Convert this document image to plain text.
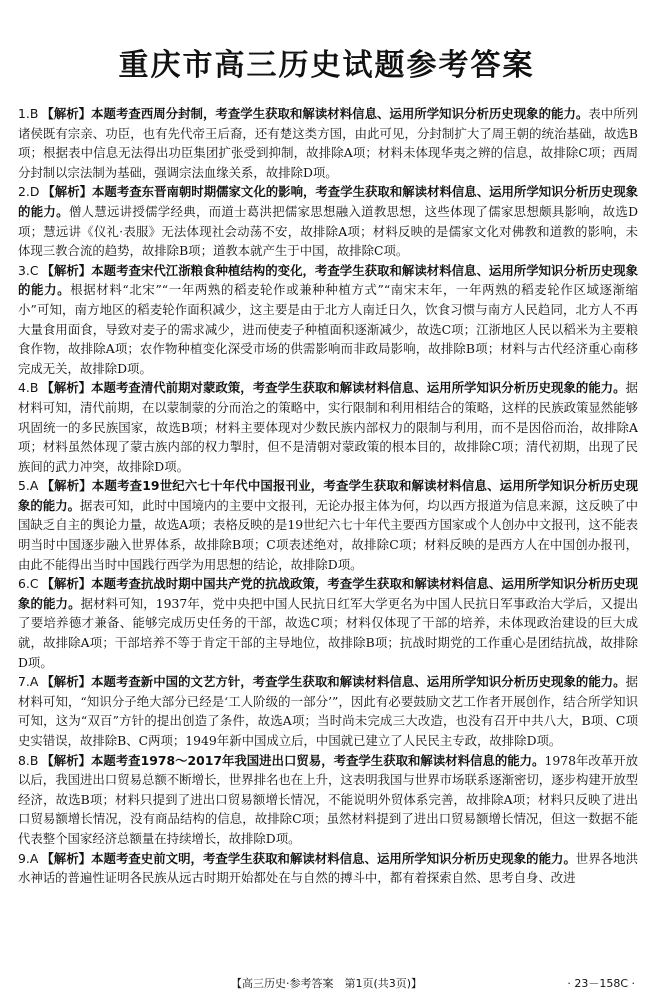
重庆市高三历史试题参考答案

1.B 【解析】本题考查西周分封制，考查学生获取和解读材料信息、运用所学知识分析历史现象的能力。表中所列诸侯既有宗亲、功臣，也有先代帝王后裔，还有楚这类方国，由此可见，分封制扩大了周王朝的统治基础，故选B项；根据表中信息无法得出功臣集团扩张受到抑制，故排除A项；材料未体现华夷之辨的信息，故排除C项；西周分封制以宗法制为基础，强调宗法血缘关系，故排除D项。

2.D 【解析】本题考查东晋南朝时期儒家文化的影响，考查学生获取和解读材料信息、运用所学知识分析历史现象的能力。僧人慧远讲授儒学经典，而道士葛洪把儒家思想融入道教思想，这些体现了儒家思想颇具影响，故选D项；慧远讲《仪礼·表服》无法体现社会动荡不安，故排除A项；材料反映的是儒家文化对佛教和道教的影响，未体现三教合流的趋势，故排除B项；道教本就产生于中国，故排除C项。

3.C 【解析】本题考查宋代江浙粮食种植结构的变化，考查学生获取和解读材料信息、运用所学知识分析历史现象的能力。根据材料“北宋”“一年两熟的稻麦轮作或兼种种植方式”“南宋末年，一年两熟的稻麦轮作区域逐渐缩小”可知，南方地区的稻麦轮作面积减少，这主要是由于北方人南迁日久，饮食习惯与南方人民趋同，北方人不再大量食用面食，导致对麦子的需求减少，进而使麦子种植面积逐渐减少，故选C项；江浙地区人民以稻米为主要粮食作物，故排除A项；农作物种植变化深受市场的供需影响而非政局影响，故排除B项；材料与古代经济重心南移完成无关，故排除D项。

4.B 【解析】本题考查清代前期对蒙政策，考查学生获取和解读材料信息、运用所学知识分析历史现象的能力。据材料可知，清代前期，在以蒙制蒙的分而治之的策略中，实行限制和利用相结合的策略，这样的民族政策显然能够巩固统一的多民族国家，故选B项；材料主要体现对少数民族内部权力的限制与利用，而不是因俗而治，故排除A项；材料虽然体现了蒙古族内部的权力掣肘，但不是清朝对蒙政策的根本目的，故排除C项；清代初期，出现了民族间的武力冲突，故排除D项。

5.A 【解析】本题考查19世纪六七十年代中国报刊业，考查学生获取和解读材料信息、运用所学知识分析历史现象的能力。据表可知，此时中国境内的主要中文报刊，无论办报主体为何，均以西方报道为信息来源，这反映了中国缺乏自主的舆论力量，故选A项；表格反映的是19世纪六七十年代主要西方国家或个人创办中文报刊，这不能表明当时中国逐步融入世界体系，故排除B项；C项表述绝对，故排除C项；材料反映的是西方人在中国创办报刊，由此不能得出当时中国践行西学为用思想的结论，故排除D项。

6.C 【解析】本题考查抗战时期中国共产党的抗战政策，考查学生获取和解读材料信息、运用所学知识分析历史现象的能力。据材料可知，1937年，党中央把中国人民抗日红军大学更名为中国人民抗日军事政治大学后，又提出了要培养德才兼备、能够完成历史任务的干部，故选C项；材料仅体现了干部的培养，未体现政治建设的巨大成就，故排除A项；干部培养不等于肯定干部的主导地位，故排除B项；抗战时期党的工作重心是团结抗战，故排除D项。

7.A 【解析】本题考查新中国的文艺方针，考查学生获取和解读材料信息、运用所学知识分析历史现象的能力。据材料可知，“知识分子绝大部分已经是‘工人阶级的一部分’”，因此有必要鼓励文艺工作者开展创作，结合所学知识可知，这为“双百”方针的提出创造了条件，故选A项；当时尚未完成三大改造，也没有召开中共八大，B项、C项史实错误，故排除B、C两项；1949年新中国成立后，中国就已建立了人民民主专政，故排除D项。

8.B 【解析】本题考查1978～2017年我国进出口贸易，考查学生获取和解读材料信息的能力。1978年改革开放以后，我国进出口贸易总额不断增长，世界排名也在上升，这表明我国与世界市场联系逐渐密切，逐步构建开放型经济，故选B项；材料只提到了进出口贸易额增长情况，不能说明外贸体系完善，故排除A项；材料只反映了进出口贸易额增长情况，没有商品结构的信息，故排除C项；虽然材料提到了进出口贸易额增长情况，但这一数据不能代表整个国家经济总额量在持续增长，故排除D项。

9.A 【解析】本题考查史前文明，考查学生获取和解读材料信息、运用所学知识分析历史现象的能力。世界各地洪水神话的普遍性证明各民族从远古时期开始都处在与自然的搏斗中，都有着探索自然、思考自身、改进

【高三历史·参考答案　第1页(共3页)】	· 23－158C ·
